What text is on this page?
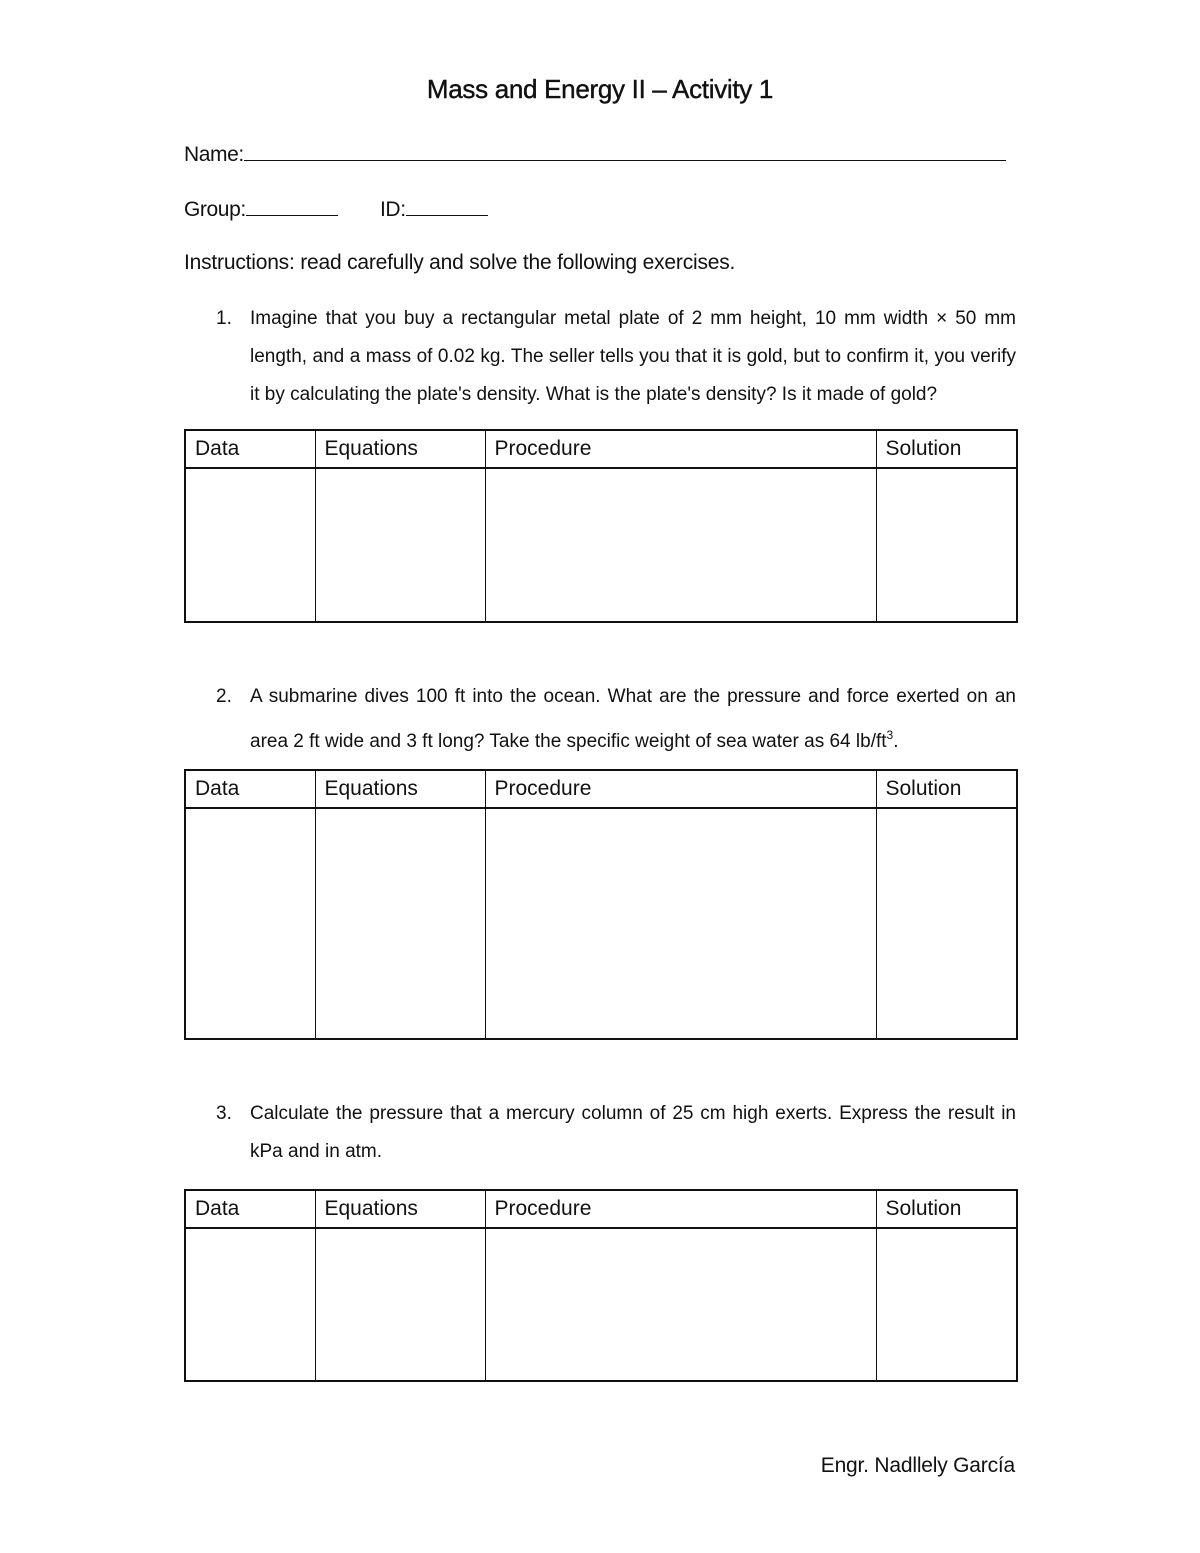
Mass and Energy II – Activity 1
Name:
Group:	ID:
Instructions: read carefully and solve the following exercises.
1. Imagine that you buy a rectangular metal plate of 2 mm height, 10 mm width × 50 mm length, and a mass of 0.02 kg. The seller tells you that it is gold, but to confirm it, you verify it by calculating the plate's density. What is the plate's density? Is it made of gold?
Data	Equations	Procedure	Solution

2. A submarine dives 100 ft into the ocean. What are the pressure and force exerted on an area 2 ft wide and 3 ft long? Take the specific weight of sea water as 64 $lb/ft^3$.
Data	Equations	Procedure	Solution

3. Calculate the pressure that a mercury column of 25 cm high exerts. Express the result in kPa and in atm.
Data	Equations	Procedure	Solution

Engr. Nadllely García
